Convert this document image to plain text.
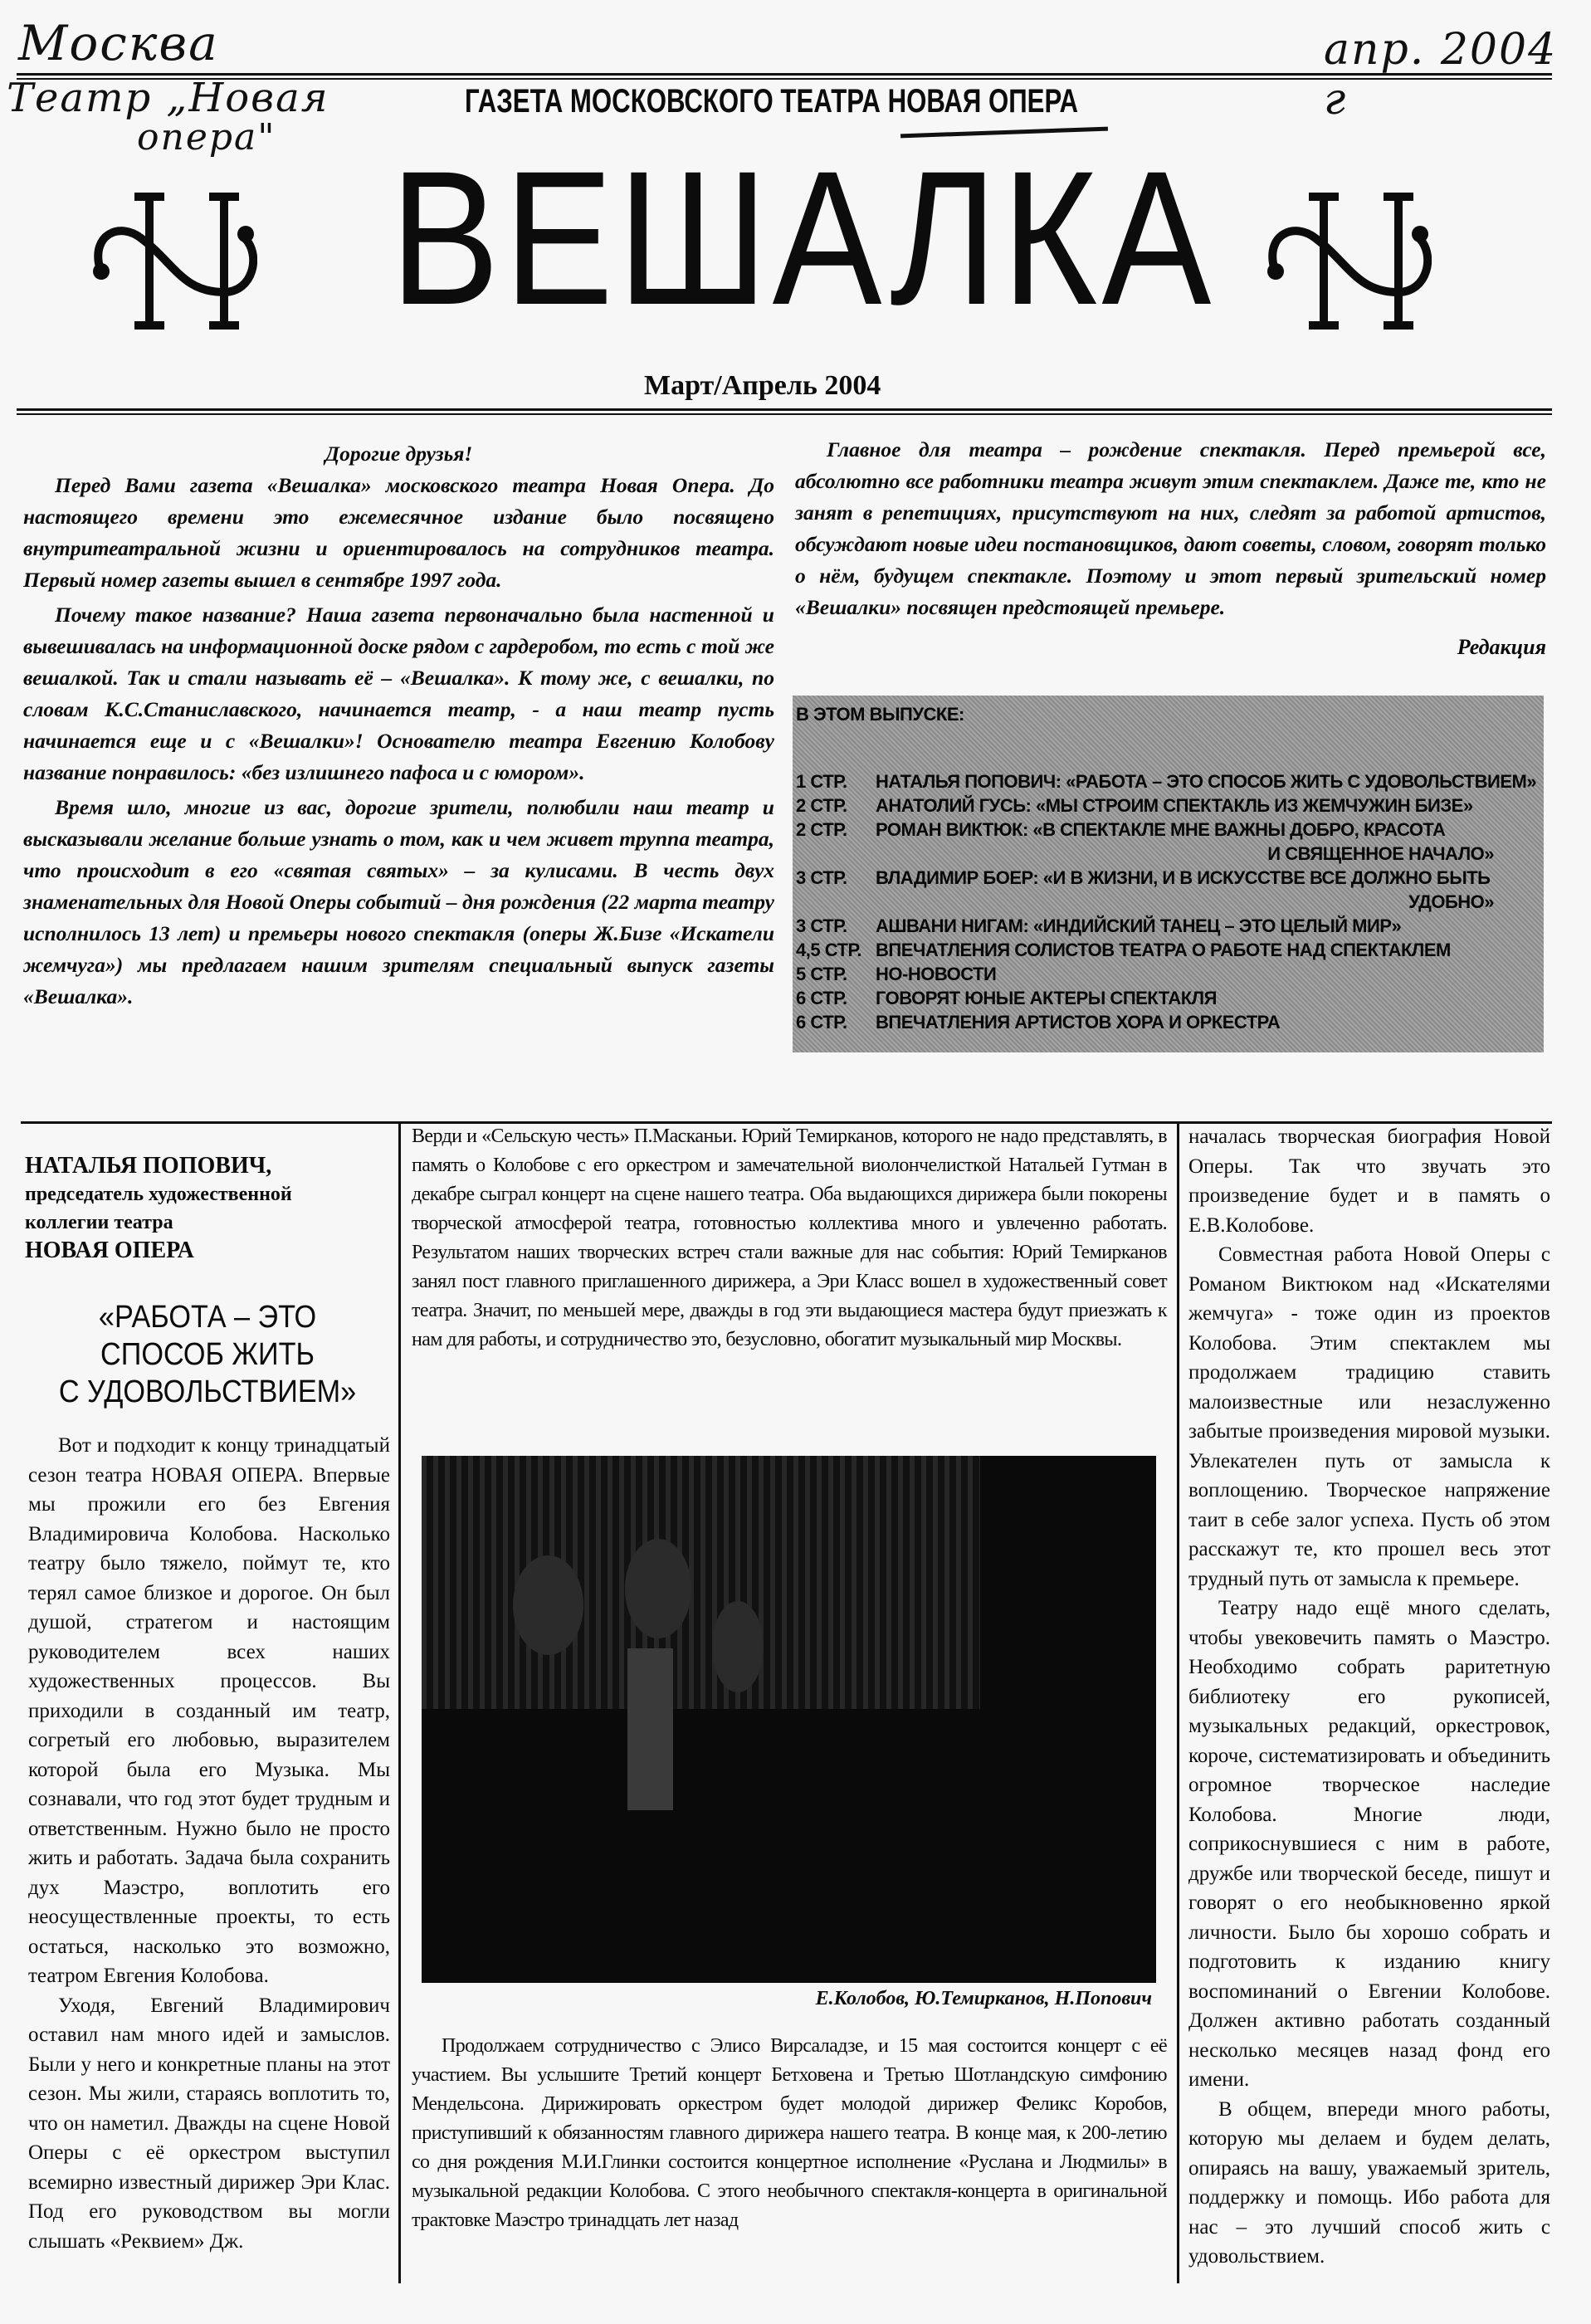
Москва
Театр „Новая
опера"
апр. 2004 г
ГАЗЕТА МОСКОВСКОГО ТЕАТРА НОВАЯ ОПЕРА
ВЕШАЛКА
Март/Апрель 2004

Дорогие друзья!

Перед Вами газета «Вешалка» московского театра Новая Опера. До настоящего времени это ежемесячное издание было посвящено внутритеатральной жизни и ориентировалось на сотрудников театра. Первый номер газеты вышел в сентябре 1997 года.

Почему такое название? Наша газета первоначально была настенной и вывешивалась на информационной доске рядом с гардеробом, то есть с той же вешалкой. Так и стали называть её – «Вешалка». К тому же, с вешалки, по словам К.С.Станиславского, начинается театр, - а наш театр пусть начинается еще и с «Вешалки»! Основателю театра Евгению Колобову название понравилось: «без излишнего пафоса и с юмором».

Время шло, многие из вас, дорогие зрители, полюбили наш театр и высказывали желание больше узнать о том, как и чем живет труппа театра, что происходит в его «святая святых» – за кулисами. В честь двух знаменательных для Новой Оперы событий – дня рождения (22 марта театру исполнилось 13 лет) и премьеры нового спектакля (оперы Ж.Бизе «Искатели жемчуга») мы предлагаем нашим зрителям специальный выпуск газеты «Вешалка».

Главное для театра – рождение спектакля. Перед премьерой все, абсолютно все работники театра живут этим спектаклем. Даже те, кто не занят в репетициях, присутствуют на них, следят за работой артистов, обсуждают новые идеи постановщиков, дают советы, словом, говорят только о нём, будущем спектакле. Поэтому и этот первый зрительский номер «Вешалки» посвящен предстоящей премьере.

Редакция
В ЭТОМ ВЫПУСКЕ:
1 СТР.	НАТАЛЬЯ ПОПОВИЧ: «РАБОТА – ЭТО СПОСОБ ЖИТЬ С УДОВОЛЬСТВИЕМ»
2 СТР.	АНАТОЛИЙ ГУСЬ: «МЫ СТРОИМ СПЕКТАКЛЬ ИЗ ЖЕМЧУЖИН БИЗЕ»
2 СТР.	РОМАН ВИКТЮК: «В СПЕКТАКЛЕ МНЕ ВАЖНЫ ДОБРО, КРАСОТА
И СВЯЩЕННОЕ НАЧАЛО»
3 СТР.	ВЛАДИМИР БОЕР: «И В ЖИЗНИ, И В ИСКУССТВЕ ВСЕ ДОЛЖНО БЫТЬ
УДОБНО»
3 СТР.	АШВАНИ НИГАМ: «ИНДИЙСКИЙ ТАНЕЦ – ЭТО ЦЕЛЫЙ МИР»
4,5 СТР. ВПЕЧАТЛЕНИЯ СОЛИСТОВ ТЕАТРА О РАБОТЕ НАД СПЕКТАКЛЕМ
5 СТР.	НО-НОВОСТИ
6 СТР.	ГОВОРЯТ ЮНЫЕ АКТЕРЫ СПЕКТАКЛЯ
6 СТР.	ВПЕЧАТЛЕНИЯ АРТИСТОВ ХОРА И ОРКЕСТРА
НАТАЛЬЯ ПОПОВИЧ,
председатель художественной
коллегии театра
НОВАЯ ОПЕРА
«РАБОТА – ЭТО
СПОСОБ ЖИТЬ
С УДОВОЛЬСТВИЕМ»

Вот и подходит к концу тринадцатый сезон театра НОВАЯ ОПЕРА. Впервые мы прожили его без Евгения Владимировича Колобова. Насколько театру было тяжело, поймут те, кто терял самое близкое и дорогое. Он был душой, стратегом и настоящим руководителем всех наших художественных процессов. Вы приходили в созданный им театр, согретый его любовью, выразителем которой была его Музыка. Мы сознавали, что год этот будет трудным и ответственным. Нужно было не просто жить и работать. Задача была сохранить дух Маэстро, воплотить его неосуществленные проекты, то есть остаться, насколько это возможно, театром Евгения Колобова.

Уходя, Евгений Владимирович оставил нам много идей и замыслов. Были у него и конкретные планы на этот сезон. Мы жили, стараясь воплотить то, что он наметил. Дважды на сцене Новой Оперы с её оркестром выступил всемирно известный дирижер Эри Клас. Под его руководством вы могли слышать «Реквием» Дж.

Верди и «Сельскую честь» П.Масканьи. Юрий Темирканов, которого не надо представлять, в память о Колобове с его оркестром и замечательной виолончелисткой Натальей Гутман в декабре сыграл концерт на сцене нашего театра. Оба выдающихся дирижера были покорены творческой атмосферой театра, готовностью коллектива много и увлеченно работать. Результатом наших творческих встреч стали важные для нас события: Юрий Темирканов занял пост главного приглашенного дирижера, а Эри Класс вошел в художественный совет театра. Значит, по меньшей мере, дважды в год эти выдающиеся мастера будут приезжать к нам для работы, и сотрудничество это, безусловно, обогатит музыкальный мир Москвы.

Е.Колобов, Ю.Темирканов, Н.Попович

Продолжаем сотрудничество с Элисо Вирсаладзе, и 15 мая состоится концерт с её участием. Вы услышите Третий концерт Бетховена и Третью Шотландскую симфонию Мендельсона. Дирижировать оркестром будет молодой дирижер Феликс Коробов, приступивший к обязанностям главного дирижера нашего театра. В конце мая, к 200-летию со дня рождения М.И.Глинки состоится концертное исполнение «Руслана и Людмилы» в музыкальной редакции Колобова. С этого необычного спектакля-концерта в оригинальной трактовке Маэстро тринадцать лет назад

началась творческая биография Новой Оперы. Так что звучать это произведение будет и в память о Е.В.Колобове.

Совместная работа Новой Оперы с Романом Виктюком над «Искателями жемчуга» - тоже один из проектов Колобова. Этим спектаклем мы продолжаем традицию ставить малоизвестные или незаслуженно забытые произведения мировой музыки. Увлекателен путь от замысла к воплощению. Творческое напряжение таит в себе залог успеха. Пусть об этом расскажут те, кто прошел весь этот трудный путь от замысла к премьере.

Театру надо ещё много сделать, чтобы увековечить память о Маэстро. Необходимо собрать раритетную библиотеку его рукописей, музыкальных редакций, оркестровок, короче, систематизировать и объединить огромное творческое наследие Колобова. Многие люди, соприкоснувшиеся с ним в работе, дружбе или творческой беседе, пишут и говорят о его необыкновенно яркой личности. Было бы хорошо собрать и подготовить к изданию книгу воспоминаний о Евгении Колобове. Должен активно работать созданный несколько месяцев назад фонд его имени.

В общем, впереди много работы, которую мы делаем и будем делать, опираясь на вашу, уважаемый зритель, поддержку и помощь. Ибо работа для нас – это лучший способ жить с удовольствием.
